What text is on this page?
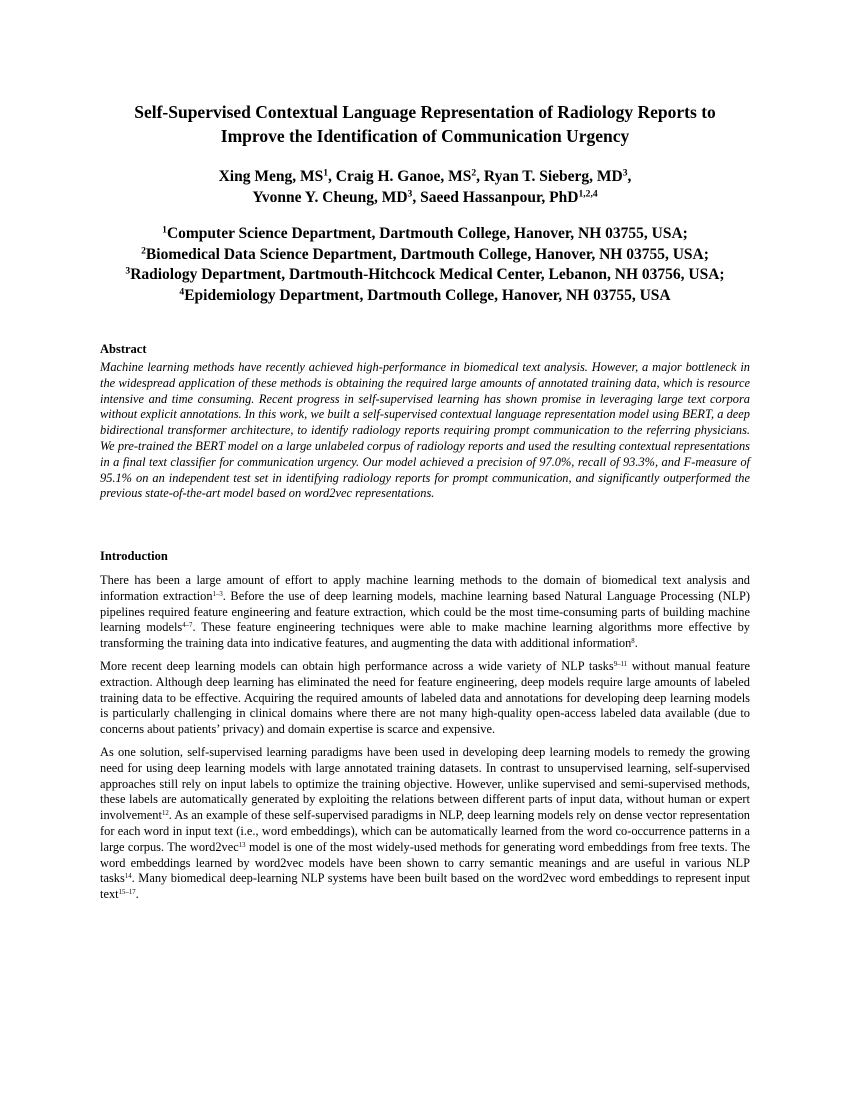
Self-Supervised Contextual Language Representation of Radiology Reports to
Improve the Identification of Communication Urgency
Xing Meng, $MS^1$, Craig H. Ganoe, $MS^2$, Ryan T. Sieberg, $MD^3$,
Yvonne Y. Cheung, $MD^3$, Saeed Hassanpour, PhD$^{1,2,4}$
$^1$Computer Science Department, Dartmouth College, Hanover, NH 03755, USA;
$^2$Biomedical Data Science Department, Dartmouth College, Hanover, NH 03755, USA;
$^3$Radiology Department, Dartmouth-Hitchcock Medical Center, Lebanon, NH 03756, USA;
$^4$Epidemiology Department, Dartmouth College, Hanover, NH 03755, USA
Abstract
Machine learning methods have recently achieved high-performance in biomedical text analysis. However, a major bottleneck in the widespread application of these methods is obtaining the required large amounts of annotated training data, which is resource intensive and time consuming. Recent progress in self-supervised learning has shown promise in leveraging large text corpora without explicit annotations. In this work, we built a self-supervised contextual language representation model using BERT, a deep bidirectional transformer architecture, to identify radiology reports requiring prompt communication to the referring physicians. We pre-trained the BERT model on a large unlabeled corpus of radiology reports and used the resulting contextual representations in a final text classifier for communication urgency. Our model achieved a precision of 97.0%, recall of 93.3%, and F-measure of 95.1% on an independent test set in identifying radiology reports for prompt communication, and significantly outperformed the previous state-of-the-art model based on word2vec representations.
Introduction

There has been a large amount of effort to apply machine learning methods to the domain of biomedical text analysis and information extraction$^{1-3}$. Before the use of deep learning models, machine learning based Natural Language Processing (NLP) pipelines required feature engineering and feature extraction, which could be the most time-consuming parts of building machine learning models$^{4-7}$. These feature engineering techniques were able to make machine learning algorithms more effective by transforming the training data into indicative features, and augmenting the data with additional information$^8$.

More recent deep learning models can obtain high performance across a wide variety of NLP tasks$^{9-11}$ without manual feature extraction. Although deep learning has eliminated the need for feature engineering, deep models require large amounts of labeled training data to be effective. Acquiring the required amounts of labeled data and annotations for developing deep learning models is particularly challenging in clinical domains where there are not many high-quality open-access labeled data available (due to concerns about patients’ privacy) and domain expertise is scarce and expensive.

As one solution, self-supervised learning paradigms have been used in developing deep learning models to remedy the growing need for using deep learning models with large annotated training datasets. In contrast to unsupervised learning, self-supervised approaches still rely on input labels to optimize the training objective. However, unlike supervised and semi-supervised methods, these labels are automatically generated by exploiting the relations between different parts of input data, without human or expert involvement$^{12}$. As an example of these self-supervised paradigms in NLP, deep learning models rely on dense vector representation for each word in input text (i.e., word embeddings), which can be automatically learned from the word co-occurrence patterns in a large corpus. The word2vec$^{13}$ model is one of the most widely-used methods for generating word embeddings from free texts. The word embeddings learned by word2vec models have been shown to carry semantic meanings and are useful in various NLP tasks$^{14}$. Many biomedical deep-learning NLP systems have been built based on the word2vec word embeddings to represent input text$^{15-17}$.
